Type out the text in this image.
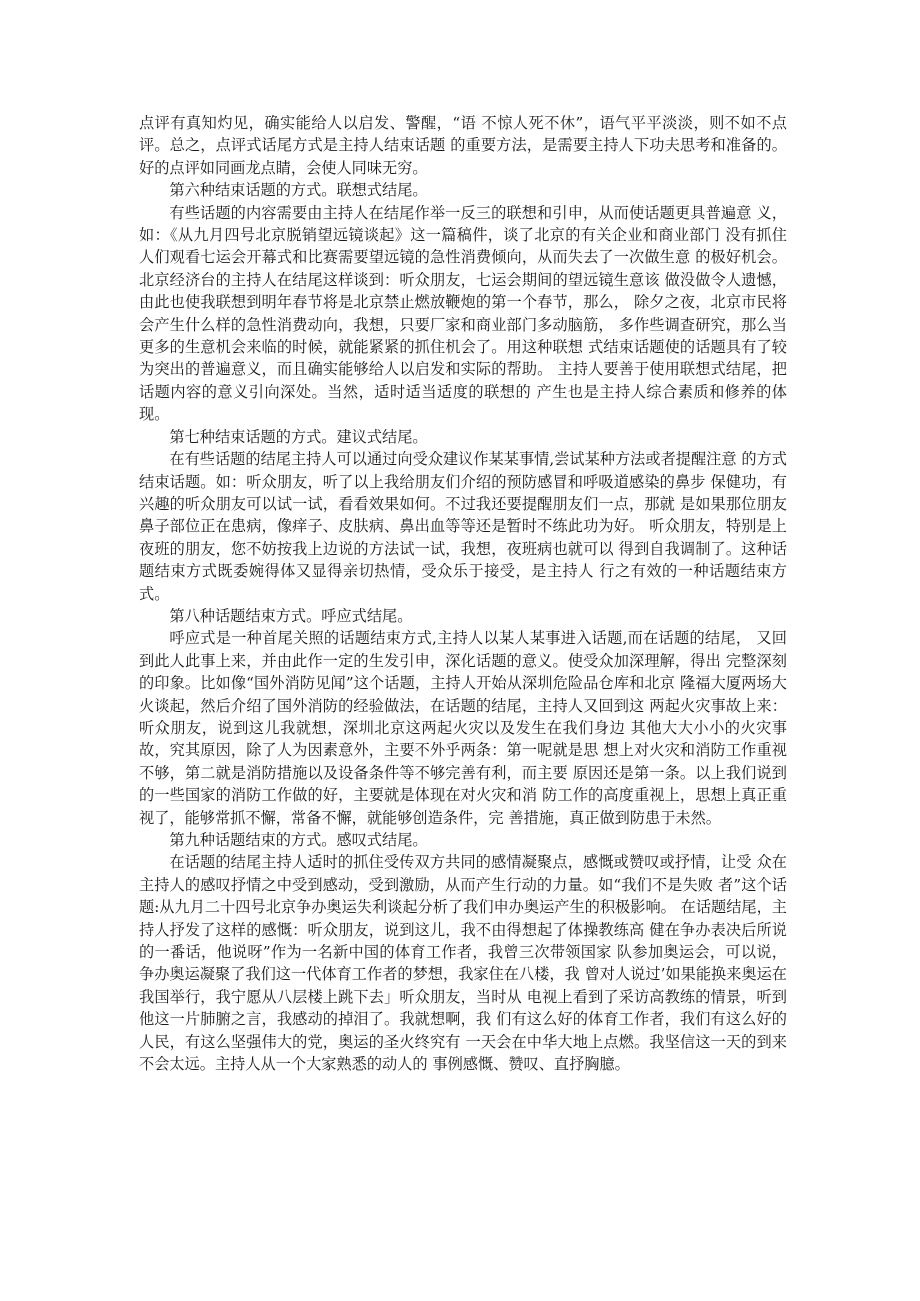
点评有真知灼见，确实能给人以启发、警醒，“语 不惊人死不休”，语气平平淡淡，则不如不点评。总之，点评式话尾方式是主持人结束话题 的重要方法，是需要主持人下功夫思考和准备的。好的点评如同画龙点睛，会使人同味无穷。

第六种结束话题的方式。联想式结尾。

有些话题的内容需要由主持人在结尾作举一反三的联想和引申，从而使话题更具普遍意 义，如：《从九月四号北京脱销望远镜谈起》这一篇稿件，谈了北京的有关企业和商业部门 没有抓住人们观看七运会开幕式和比赛需要望远镜的急性消费倾向，从而失去了一次做生意 的极好机会。北京经济台的主持人在结尾这样谈到：听众朋友，七运会期间的望远镜生意该 做没做令人遗憾，由此也使我联想到明年春节将是北京禁止燃放鞭炮的第一个春节，那么， 除夕之夜，北京市民将会产生什么样的急性消费动向，我想，只要厂家和商业部门多动脑筋， 多作些调查研究，那么当更多的生意机会来临的时候，就能紧紧的抓住机会了。用这种联想 式结束话题使的话题具有了较为突出的普遍意义，而且确实能够给人以启发和实际的帮助。 主持人要善于使用联想式结尾，把话题内容的意义引向深处。当然，适时适当适度的联想的 产生也是主持人综合素质和修养的体现。

第七种结束话题的方式。建议式结尾。

在有些话题的结尾主持人可以通过向受众建议作某某事情,尝试某种方法或者提醒注意 的方式结束话题。如：听众朋友，听了以上我给朋友们介绍的预防感冒和呼吸道感染的鼻步 保健功，有兴趣的听众朋友可以试一试，看看效果如何。不过我还要提醒朋友们一点，那就 是如果那位朋友鼻子部位正在患病，像痒子、皮肤病、鼻出血等等还是暂时不练此功为好。 听众朋友，特别是上夜班的朋友，您不妨按我上边说的方法试一试，我想，夜班病也就可以 得到自我调制了。这种话题结束方式既委婉得体又显得亲切热情，受众乐于接受，是主持人 行之有效的一种话题结束方式。

第八种话题结束方式。呼应式结尾。

呼应式是一种首尾关照的话题结束方式,主持人以某人某事进入话题,而在话题的结尾， 又回到此人此事上来，并由此作一定的生发引申，深化话题的意义。使受众加深理解，得出 完整深刻的印象。比如像“国外消防见闻”这个话题，主持人开始从深圳危险品仓库和北京 隆福大厦两场大火谈起，然后介绍了国外消防的经验做法，在话题的结尾，主持人又回到这 两起火灾事故上来：听众朋友，说到这儿我就想，深圳北京这两起火灾以及发生在我们身边 其他大大小小的火灾事故，究其原因，除了人为因素意外，主要不外乎两条：第一呢就是思 想上对火灾和消防工作重视不够，第二就是消防措施以及设备条件等不够完善有利，而主要 原因还是第一条。以上我们说到的一些国家的消防工作做的好，主要就是体现在对火灾和消 防工作的高度重视上，思想上真正重视了，能够常抓不懈，常备不懈，就能够创造条件，完 善措施，真正做到防患于未然。

第九种话题结束的方式。感叹式结尾。

在话题的结尾主持人适时的抓住受传双方共同的感情凝聚点，感慨或赞叹或抒情，让受 众在主持人的感叹抒情之中受到感动，受到激励，从而产生行动的力量。如“我们不是失败 者”这个话题:从九月二十四号北京争办奥运失利谈起分析了我们申办奥运产生的积极影响。 在话题结尾，主持人抒发了这样的感慨：听众朋友，说到这儿，我不由得想起了体操教练高 健在争办表决后所说的一番话，他说呀”作为一名新中国的体育工作者，我曾三次带领国家 队参加奥运会，可以说，争办奥运凝聚了我们这一代体育工作者的梦想，我家住在八楼，我 曾对人说过’如果能换来奥运在我国举行，我宁愿从八层楼上跳下去」听众朋友，当时从 电视上看到了采访高教练的情景，听到他这一片肺腑之言，我感动的掉泪了。我就想啊，我 们有这么好的体育工作者，我们有这么好的人民，有这么坚强伟大的党，奥运的圣火终究有 一天会在中华大地上点燃。我坚信这一天的到来不会太远。主持人从一个大家熟悉的动人的 事例感慨、赞叹、直抒胸臆。
